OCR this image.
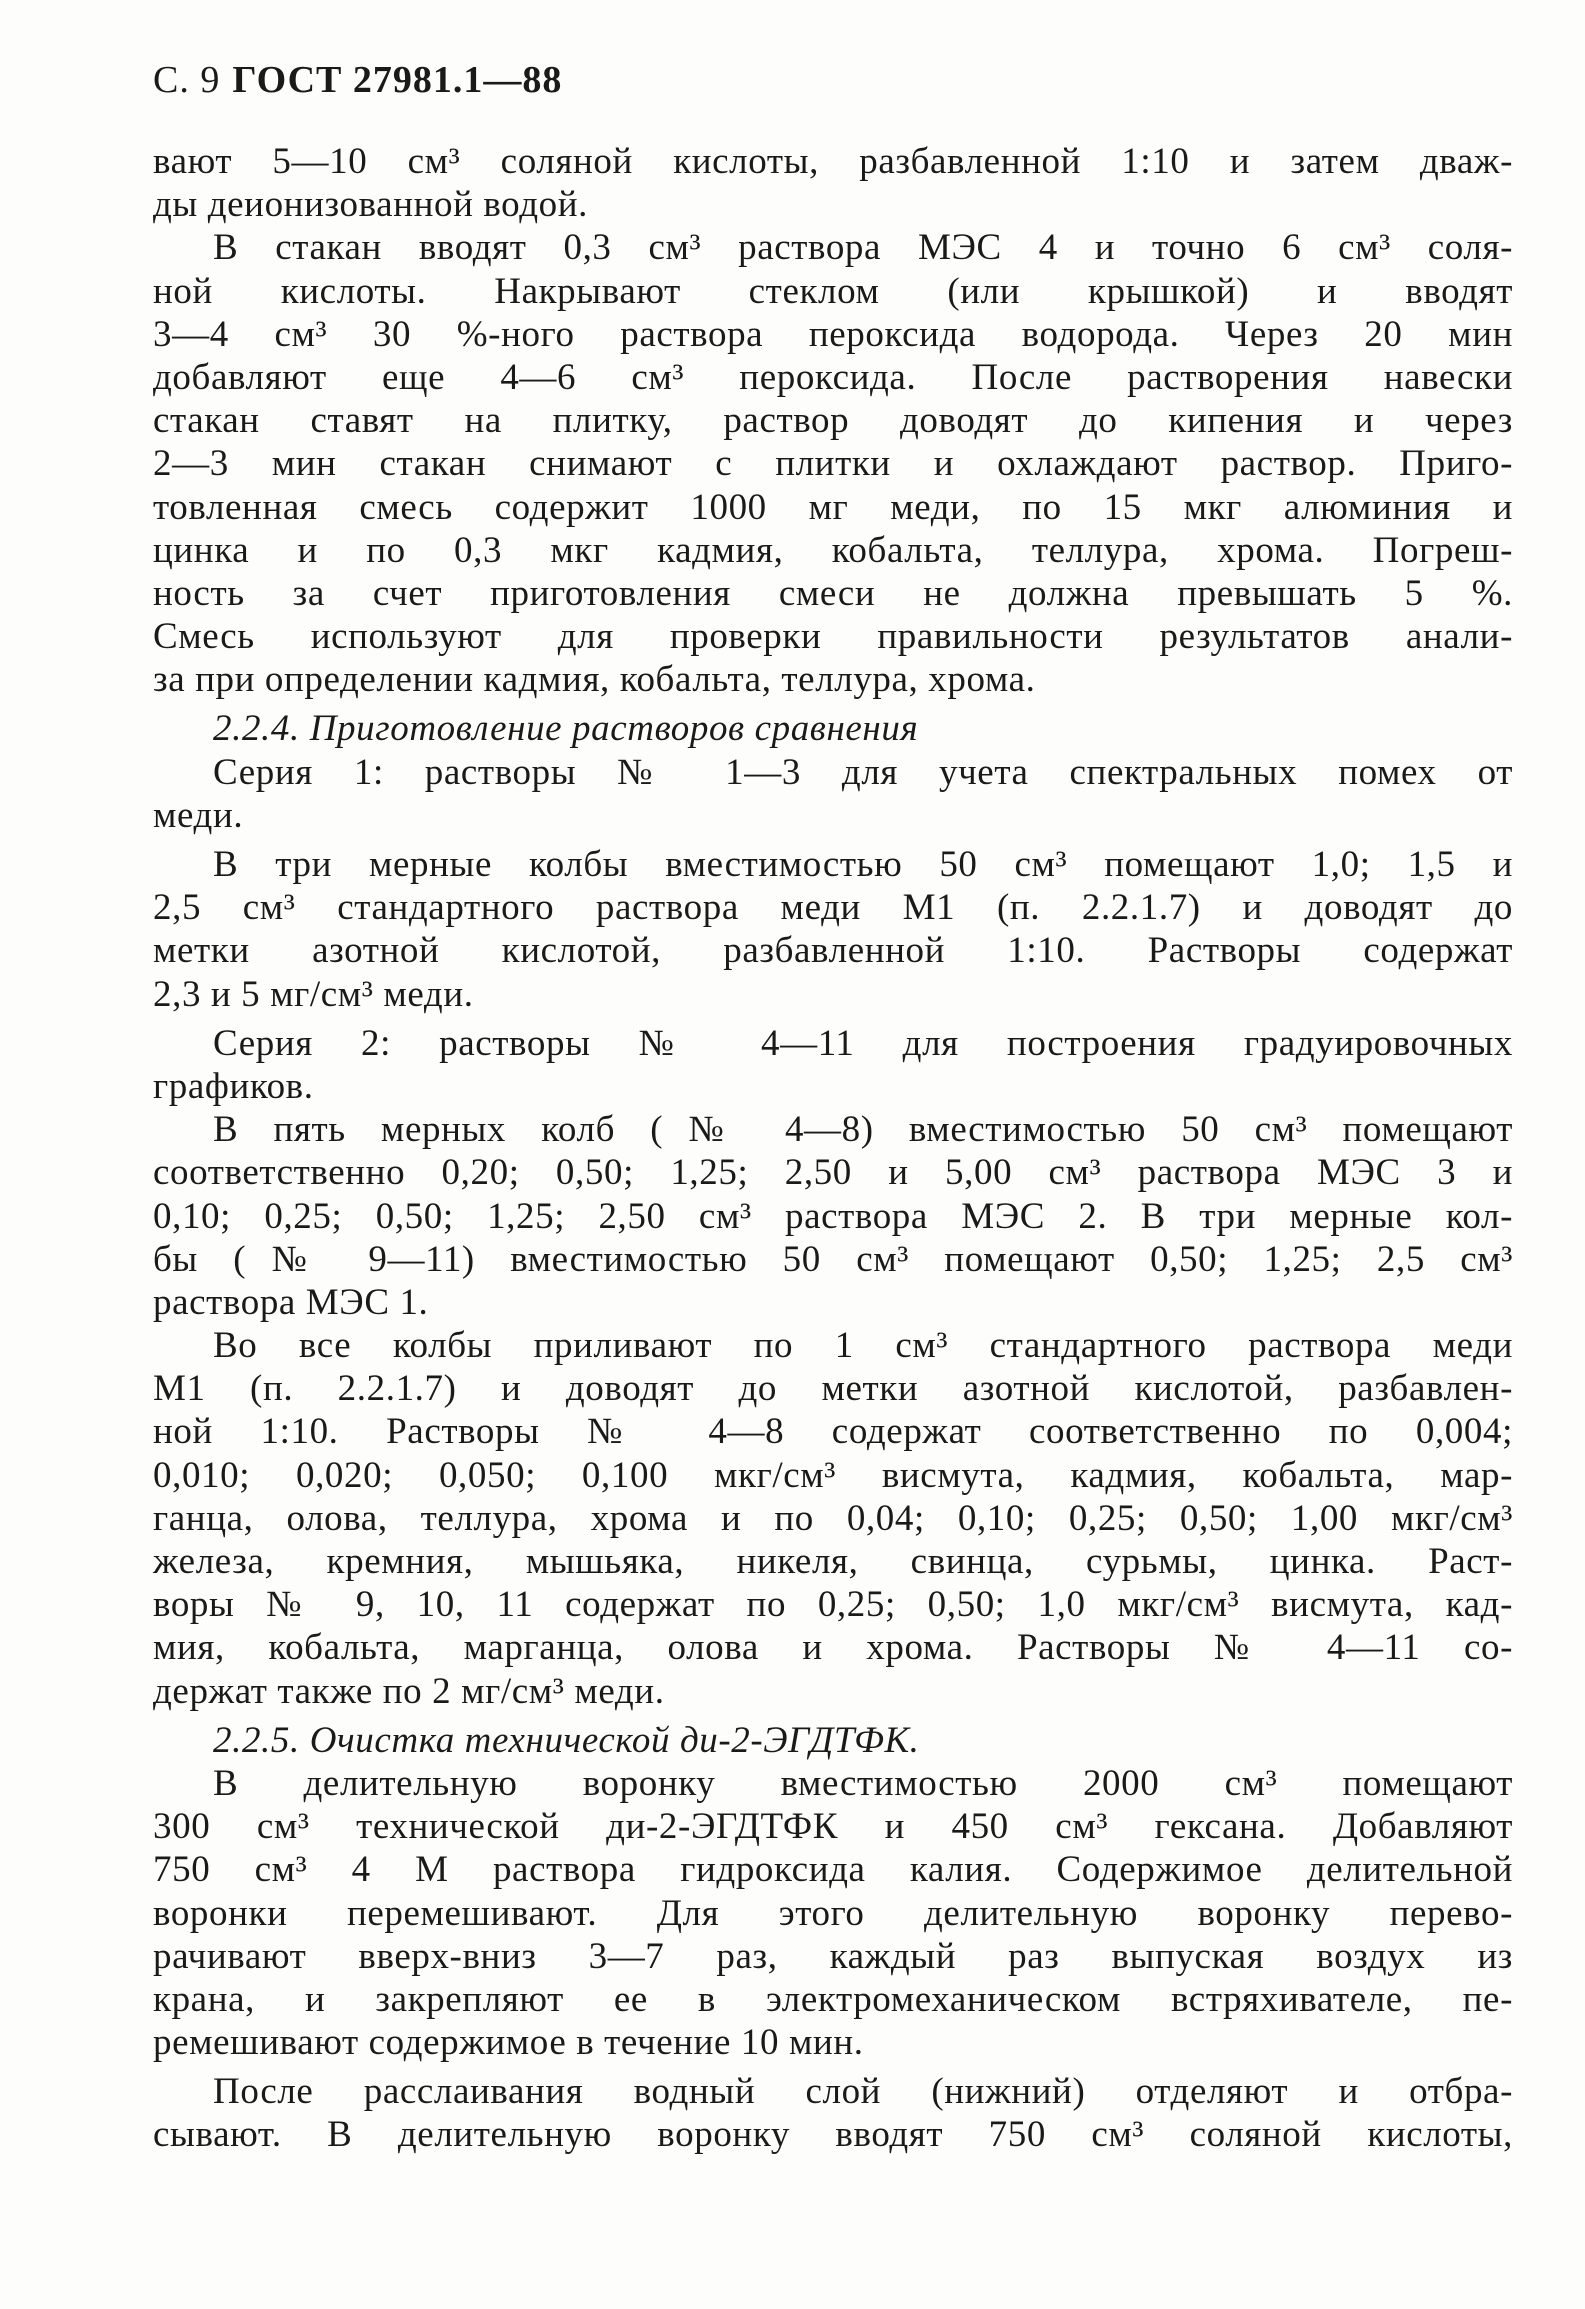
С. 9 ГОСТ 27981.1—88
вают 5—10 см³ соляной кислоты, разбавленной 1:10 и затем дваж-
ды деионизованной водой.
В стакан вводят 0,3 см³ раствора МЭС 4 и точно 6 см³ соля-
ной кислоты. Накрывают стеклом (или крышкой) и вводят
3—4 см³ 30 %-ного раствора пероксида водорода. Через 20 мин
добавляют еще 4—6 см³ пероксида. После растворения навески
стакан ставят на плитку, раствор доводят до кипения и через
2—3 мин стакан снимают с плитки и охлаждают раствор. Приго-
товленная смесь содержит 1000 мг меди, по 15 мкг алюминия и
цинка и по 0,3 мкг кадмия, кобальта, теллура, хрома. Погреш-
ность за счет приготовления смеси не должна превышать 5 %.
Смесь используют для проверки правильности результатов анали-
за при определении кадмия, кобальта, теллура, хрома.
2.2.4. Приготовление растворов сравнения
Серия 1: растворы № 1—3 для учета спектральных помех от
меди.
В три мерные колбы вместимостью 50 см³ помещают 1,0; 1,5 и
2,5 см³ стандартного раствора меди М1 (п. 2.2.1.7) и доводят до
метки азотной кислотой, разбавленной 1:10. Растворы содержат
2,3 и 5 мг/см³ меди.
Серия 2: растворы № 4—11 для построения градуировочных
графиков.
В пять мерных колб (№ 4—8) вместимостью 50 см³ помещают
соответственно 0,20; 0,50; 1,25; 2,50 и 5,00 см³ раствора МЭС 3 и
0,10; 0,25; 0,50; 1,25; 2,50 см³ раствора МЭС 2. В три мерные кол-
бы (№ 9—11) вместимостью 50 см³ помещают 0,50; 1,25; 2,5 см³
раствора МЭС 1.
Во все колбы приливают по 1 см³ стандартного раствора меди
М1 (п. 2.2.1.7) и доводят до метки азотной кислотой, разбавлен-
ной 1:10. Растворы № 4—8 содержат соответственно по 0,004;
0,010; 0,020; 0,050; 0,100 мкг/см³ висмута, кадмия, кобальта, мар-
ганца, олова, теллура, хрома и по 0,04; 0,10; 0,25; 0,50; 1,00 мкг/см³
железа, кремния, мышьяка, никеля, свинца, сурьмы, цинка. Раст-
воры № 9, 10, 11 содержат по 0,25; 0,50; 1,0 мкг/см³ висмута, кад-
мия, кобальта, марганца, олова и хрома. Растворы № 4—11 со-
держат также по 2 мг/см³ меди.
2.2.5. Очистка технической ди-2-ЭГДТФК.
В делительную воронку вместимостью 2000 см³ помещают
300 см³ технической ди-2-ЭГДТФК и 450 см³ гексана. Добавляют
750 см³ 4 М раствора гидроксида калия. Содержимое делительной
воронки перемешивают. Для этого делительную воронку перево-
рачивают вверх-вниз 3—7 раз, каждый раз выпуская воздух из
крана, и закрепляют ее в электромеханическом встряхивателе, пе-
ремешивают содержимое в течение 10 мин.
После расслаивания водный слой (нижний) отделяют и отбра-
сывают. В делительную воронку вводят 750 см³ соляной кислоты,
